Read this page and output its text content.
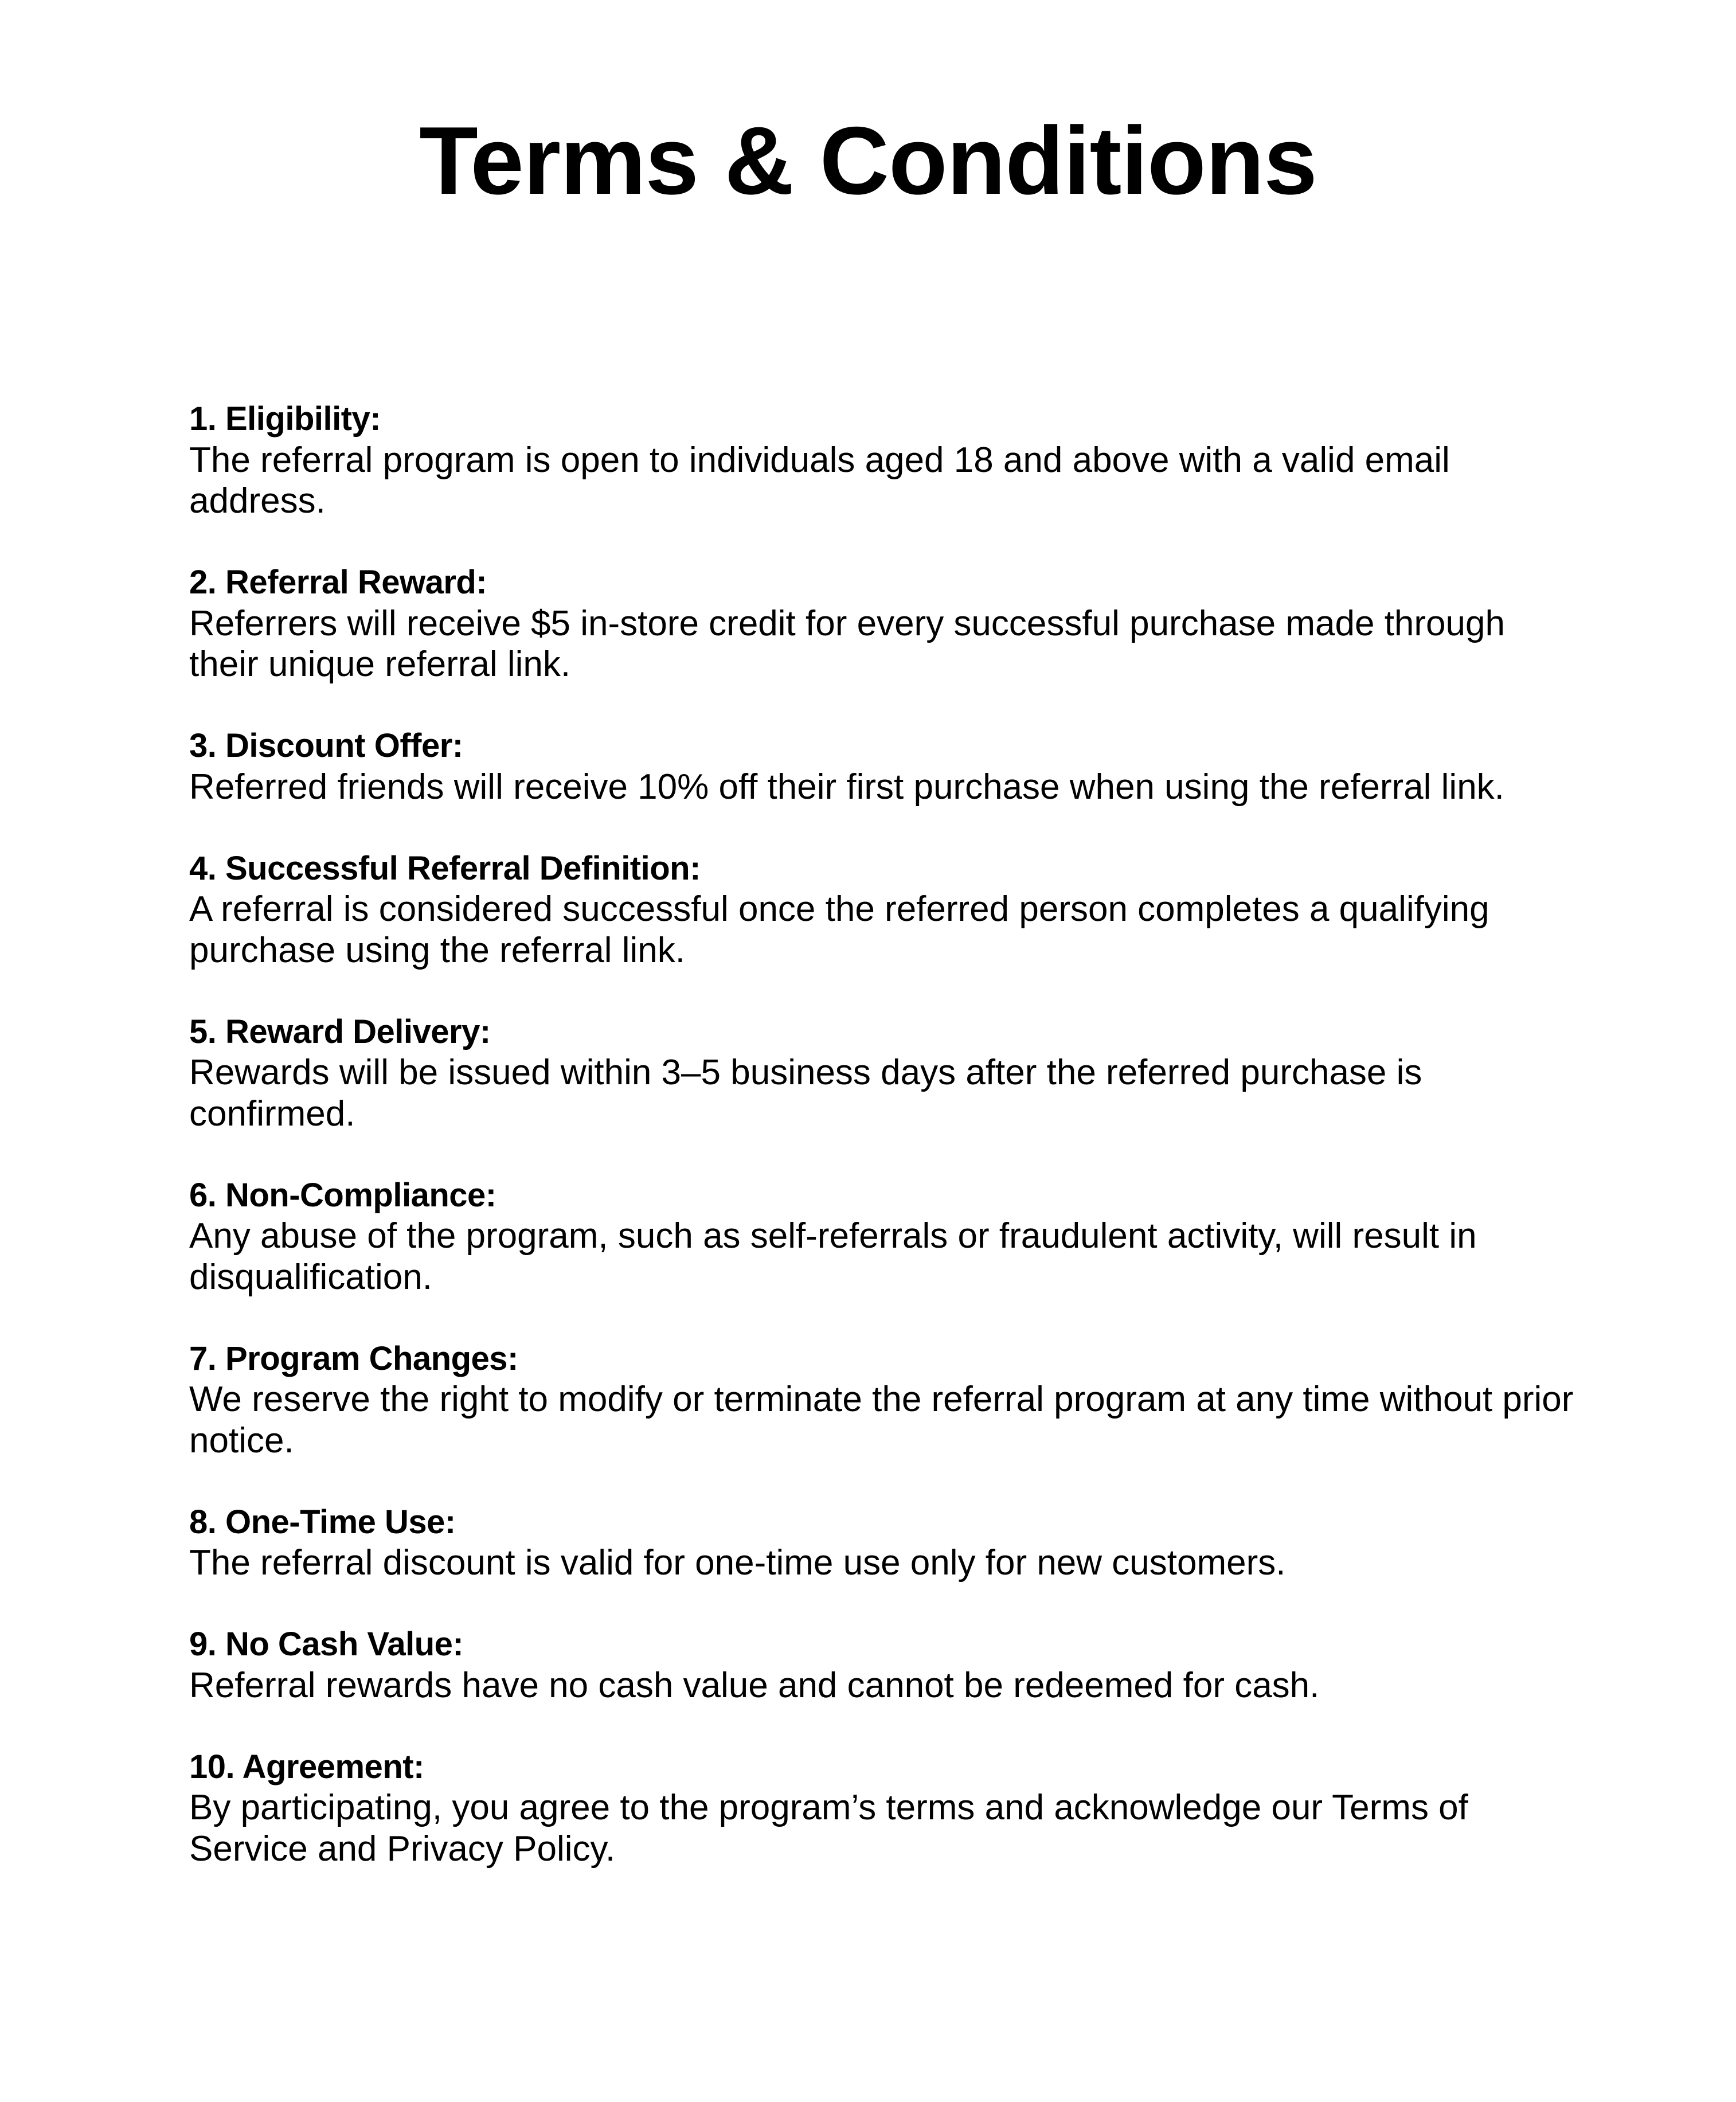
Terms & Conditions
1. Eligibility:
The referral program is open to individuals aged 18 and above with a valid email address.
2. Referral Reward:
Referrers will receive $5 in-store credit for every successful purchase made through their unique referral link.
3. Discount Offer:
Referred friends will receive 10% off their first purchase when using the referral link.
4. Successful Referral Definition:
A referral is considered successful once the referred person completes a qualifying purchase using the referral link.
5. Reward Delivery:
Rewards will be issued within 3–5 business days after the referred purchase is confirmed.
6. Non-Compliance:
Any abuse of the program, such as self-referrals or fraudulent activity, will result in disqualification.
7. Program Changes:
We reserve the right to modify or terminate the referral program at any time without prior notice.
8. One-Time Use:
The referral discount is valid for one-time use only for new customers.
9. No Cash Value:
Referral rewards have no cash value and cannot be redeemed for cash.
10. Agreement:
By participating, you agree to the program’s terms and acknowledge our Terms of Service and Privacy Policy.
